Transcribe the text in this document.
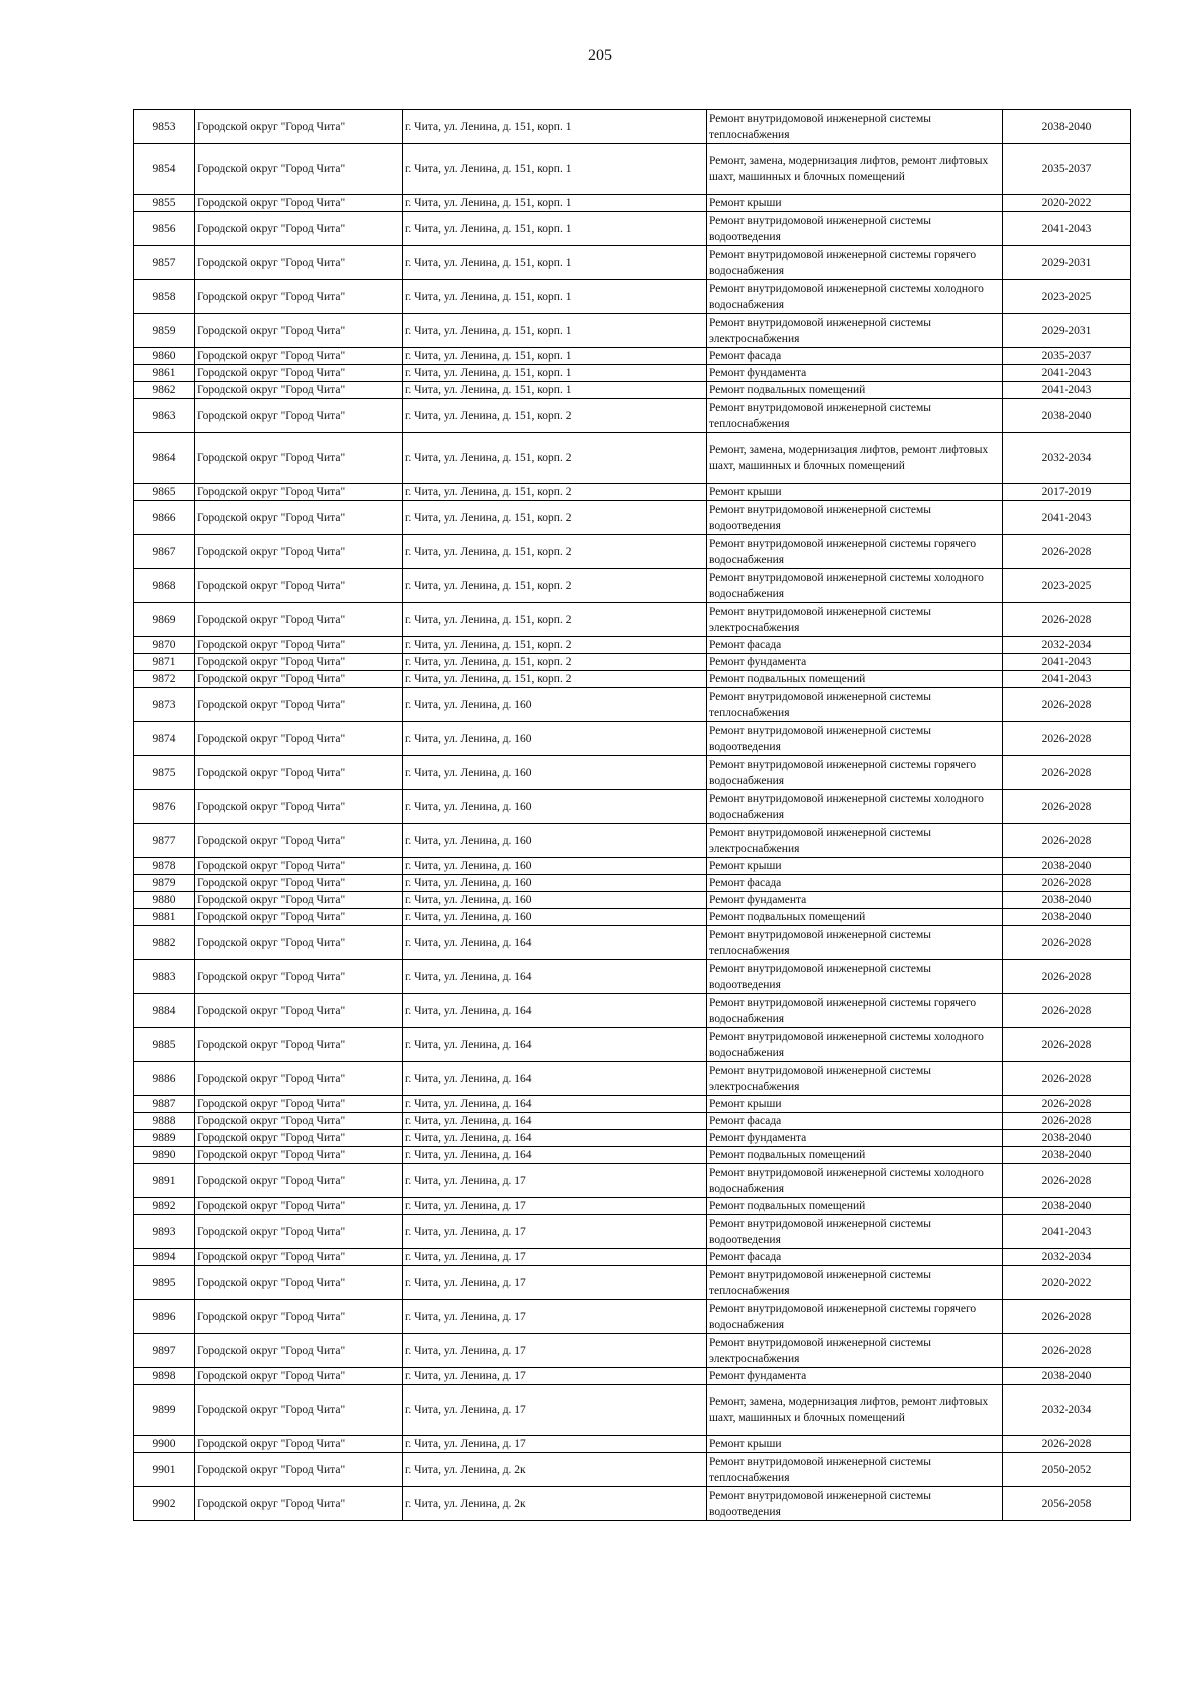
205
9853	Городской округ "Город Чита"	г. Чита, ул. Ленина, д. 151, корп. 1	Ремонт внутридомовой инженерной системы теплоснабжения	2038-2040
9854	Городской округ "Город Чита"	г. Чита, ул. Ленина, д. 151, корп. 1	Ремонт, замена, модернизация лифтов, ремонт лифтовых шахт, машинных и блочных помещений	2035-2037
9855	Городской округ "Город Чита"	г. Чита, ул. Ленина, д. 151, корп. 1	Ремонт крыши	2020-2022
9856	Городской округ "Город Чита"	г. Чита, ул. Ленина, д. 151, корп. 1	Ремонт внутридомовой инженерной системы водоотведения	2041-2043
9857	Городской округ "Город Чита"	г. Чита, ул. Ленина, д. 151, корп. 1	Ремонт внутридомовой инженерной системы горячего водоснабжения	2029-2031
9858	Городской округ "Город Чита"	г. Чита, ул. Ленина, д. 151, корп. 1	Ремонт внутридомовой инженерной системы холодного водоснабжения	2023-2025
9859	Городской округ "Город Чита"	г. Чита, ул. Ленина, д. 151, корп. 1	Ремонт внутридомовой инженерной системы электроснабжения	2029-2031
9860	Городской округ "Город Чита"	г. Чита, ул. Ленина, д. 151, корп. 1	Ремонт фасада	2035-2037
9861	Городской округ "Город Чита"	г. Чита, ул. Ленина, д. 151, корп. 1	Ремонт фундамента	2041-2043
9862	Городской округ "Город Чита"	г. Чита, ул. Ленина, д. 151, корп. 1	Ремонт подвальных помещений	2041-2043
9863	Городской округ "Город Чита"	г. Чита, ул. Ленина, д. 151, корп. 2	Ремонт внутридомовой инженерной системы теплоснабжения	2038-2040
9864	Городской округ "Город Чита"	г. Чита, ул. Ленина, д. 151, корп. 2	Ремонт, замена, модернизация лифтов, ремонт лифтовых шахт, машинных и блочных помещений	2032-2034
9865	Городской округ "Город Чита"	г. Чита, ул. Ленина, д. 151, корп. 2	Ремонт крыши	2017-2019
9866	Городской округ "Город Чита"	г. Чита, ул. Ленина, д. 151, корп. 2	Ремонт внутридомовой инженерной системы водоотведения	2041-2043
9867	Городской округ "Город Чита"	г. Чита, ул. Ленина, д. 151, корп. 2	Ремонт внутридомовой инженерной системы горячего водоснабжения	2026-2028
9868	Городской округ "Город Чита"	г. Чита, ул. Ленина, д. 151, корп. 2	Ремонт внутридомовой инженерной системы холодного водоснабжения	2023-2025
9869	Городской округ "Город Чита"	г. Чита, ул. Ленина, д. 151, корп. 2	Ремонт внутридомовой инженерной системы электроснабжения	2026-2028
9870	Городской округ "Город Чита"	г. Чита, ул. Ленина, д. 151, корп. 2	Ремонт фасада	2032-2034
9871	Городской округ "Город Чита"	г. Чита, ул. Ленина, д. 151, корп. 2	Ремонт фундамента	2041-2043
9872	Городской округ "Город Чита"	г. Чита, ул. Ленина, д. 151, корп. 2	Ремонт подвальных помещений	2041-2043
9873	Городской округ "Город Чита"	г. Чита, ул. Ленина, д. 160	Ремонт внутридомовой инженерной системы теплоснабжения	2026-2028
9874	Городской округ "Город Чита"	г. Чита, ул. Ленина, д. 160	Ремонт внутридомовой инженерной системы водоотведения	2026-2028
9875	Городской округ "Город Чита"	г. Чита, ул. Ленина, д. 160	Ремонт внутридомовой инженерной системы горячего водоснабжения	2026-2028
9876	Городской округ "Город Чита"	г. Чита, ул. Ленина, д. 160	Ремонт внутридомовой инженерной системы холодного водоснабжения	2026-2028
9877	Городской округ "Город Чита"	г. Чита, ул. Ленина, д. 160	Ремонт внутридомовой инженерной системы электроснабжения	2026-2028
9878	Городской округ "Город Чита"	г. Чита, ул. Ленина, д. 160	Ремонт крыши	2038-2040
9879	Городской округ "Город Чита"	г. Чита, ул. Ленина, д. 160	Ремонт фасада	2026-2028
9880	Городской округ "Город Чита"	г. Чита, ул. Ленина, д. 160	Ремонт фундамента	2038-2040
9881	Городской округ "Город Чита"	г. Чита, ул. Ленина, д. 160	Ремонт подвальных помещений	2038-2040
9882	Городской округ "Город Чита"	г. Чита, ул. Ленина, д. 164	Ремонт внутридомовой инженерной системы теплоснабжения	2026-2028
9883	Городской округ "Город Чита"	г. Чита, ул. Ленина, д. 164	Ремонт внутридомовой инженерной системы водоотведения	2026-2028
9884	Городской округ "Город Чита"	г. Чита, ул. Ленина, д. 164	Ремонт внутридомовой инженерной системы горячего водоснабжения	2026-2028
9885	Городской округ "Город Чита"	г. Чита, ул. Ленина, д. 164	Ремонт внутридомовой инженерной системы холодного водоснабжения	2026-2028
9886	Городской округ "Город Чита"	г. Чита, ул. Ленина, д. 164	Ремонт внутридомовой инженерной системы электроснабжения	2026-2028
9887	Городской округ "Город Чита"	г. Чита, ул. Ленина, д. 164	Ремонт крыши	2026-2028
9888	Городской округ "Город Чита"	г. Чита, ул. Ленина, д. 164	Ремонт фасада	2026-2028
9889	Городской округ "Город Чита"	г. Чита, ул. Ленина, д. 164	Ремонт фундамента	2038-2040
9890	Городской округ "Город Чита"	г. Чита, ул. Ленина, д. 164	Ремонт подвальных помещений	2038-2040
9891	Городской округ "Город Чита"	г. Чита, ул. Ленина, д. 17	Ремонт внутридомовой инженерной системы холодного водоснабжения	2026-2028
9892	Городской округ "Город Чита"	г. Чита, ул. Ленина, д. 17	Ремонт подвальных помещений	2038-2040
9893	Городской округ "Город Чита"	г. Чита, ул. Ленина, д. 17	Ремонт внутридомовой инженерной системы водоотведения	2041-2043
9894	Городской округ "Город Чита"	г. Чита, ул. Ленина, д. 17	Ремонт фасада	2032-2034
9895	Городской округ "Город Чита"	г. Чита, ул. Ленина, д. 17	Ремонт внутридомовой инженерной системы теплоснабжения	2020-2022
9896	Городской округ "Город Чита"	г. Чита, ул. Ленина, д. 17	Ремонт внутридомовой инженерной системы горячего водоснабжения	2026-2028
9897	Городской округ "Город Чита"	г. Чита, ул. Ленина, д. 17	Ремонт внутридомовой инженерной системы электроснабжения	2026-2028
9898	Городской округ "Город Чита"	г. Чита, ул. Ленина, д. 17	Ремонт фундамента	2038-2040
9899	Городской округ "Город Чита"	г. Чита, ул. Ленина, д. 17	Ремонт, замена, модернизация лифтов, ремонт лифтовых шахт, машинных и блочных помещений	2032-2034
9900	Городской округ "Город Чита"	г. Чита, ул. Ленина, д. 17	Ремонт крыши	2026-2028
9901	Городской округ "Город Чита"	г. Чита, ул. Ленина, д. 2к	Ремонт внутридомовой инженерной системы теплоснабжения	2050-2052
9902	Городской округ "Город Чита"	г. Чита, ул. Ленина, д. 2к	Ремонт внутридомовой инженерной системы водоотведения	2056-2058
